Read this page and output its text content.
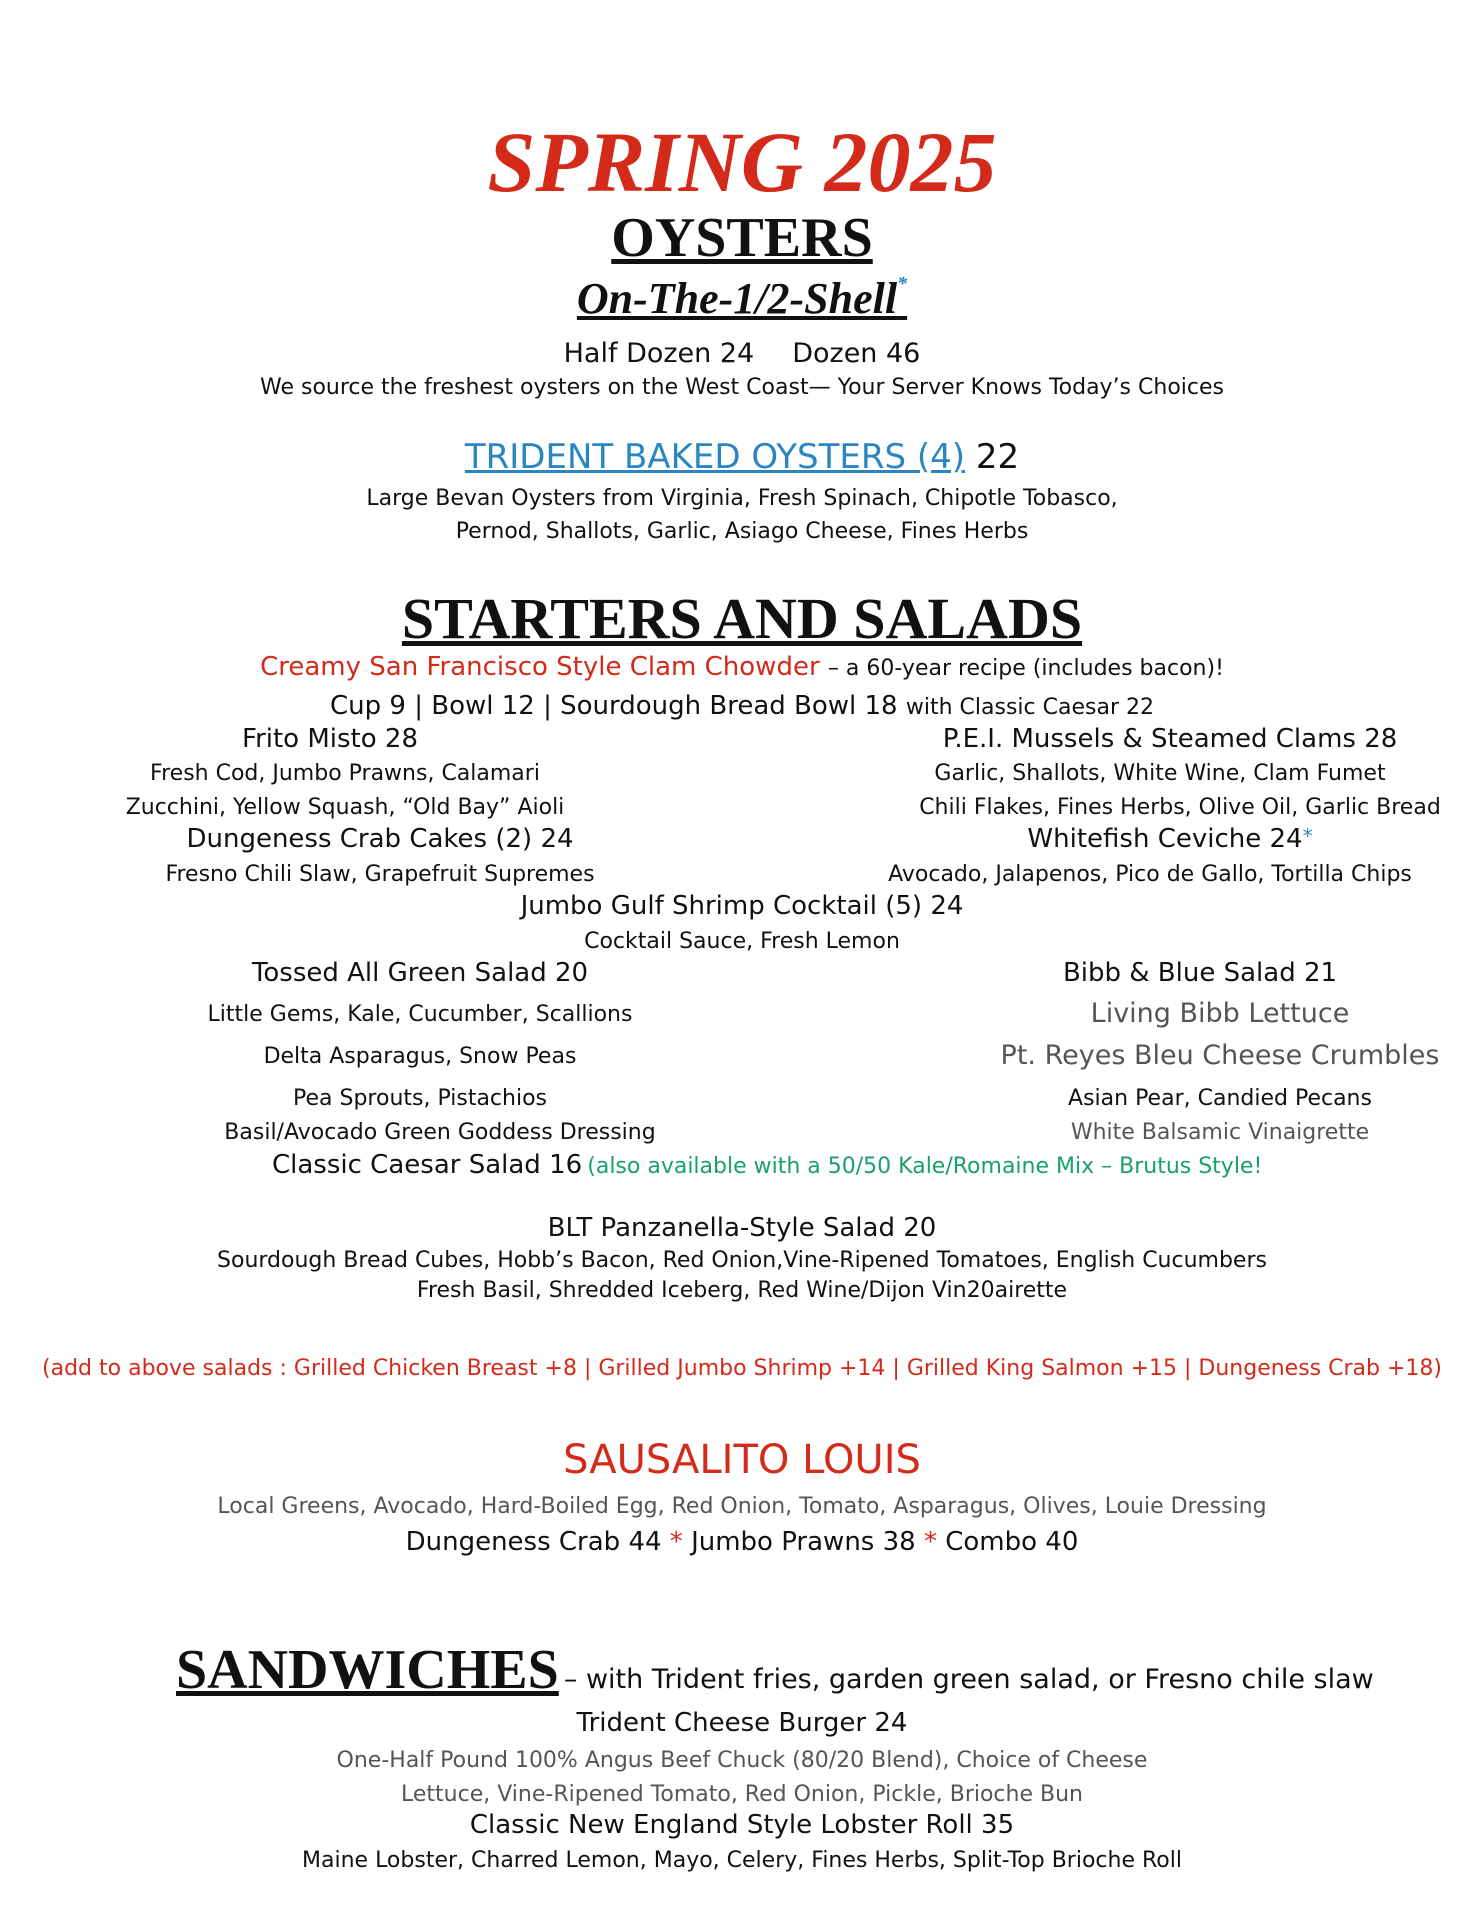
SPRING 2025
OYSTERS
On-The-1/2-Shell*
Half Dozen 24 Dozen 46
We source the freshest oysters on the West Coast— Your Server Knows Today’s Choices
TRIDENT BAKED OYSTERS (4) 22
Large Bevan Oysters from Virginia, Fresh Spinach, Chipotle Tobasco,
Pernod, Shallots, Garlic, Asiago Cheese, Fines Herbs
STARTERS AND SALADS
Creamy San Francisco Style Clam Chowder – a 60-year recipe (includes bacon)!
Cup 9 | Bowl 12 | Sourdough Bread Bowl 18 with Classic Caesar 22
Frito Misto 28
Fresh Cod, Jumbo Prawns, Calamari
Zucchini, Yellow Squash, “Old Bay” Aioli
P.E.I. Mussels & Steamed Clams 28
Garlic, Shallots, White Wine, Clam Fumet
Chili Flakes, Fines Herbs, Olive Oil, Garlic Bread
Dungeness Crab Cakes (2) 24
Fresno Chili Slaw, Grapefruit Supremes
Whitefish Ceviche 24*
Avocado, Jalapenos, Pico de Gallo, Tortilla Chips
Jumbo Gulf Shrimp Cocktail (5) 24
Cocktail Sauce, Fresh Lemon
Tossed All Green Salad 20
Little Gems, Kale, Cucumber, Scallions
Delta Asparagus, Snow Peas
Pea Sprouts, Pistachios
Basil/Avocado Green Goddess Dressing
Bibb & Blue Salad 21
Living Bibb Lettuce
Pt. Reyes Bleu Cheese Crumbles
Asian Pear, Candied Pecans
White Balsamic Vinaigrette
Classic Caesar Salad 16 (also available with a 50/50 Kale/Romaine Mix – Brutus Style!
BLT Panzanella-Style Salad 20
Sourdough Bread Cubes, Hobb’s Bacon, Red Onion,Vine-Ripened Tomatoes, English Cucumbers
Fresh Basil, Shredded Iceberg, Red Wine/Dijon Vin20airette
(add to above salads : Grilled Chicken Breast +8 | Grilled Jumbo Shrimp +14 | Grilled King Salmon +15 | Dungeness Crab +18)
SAUSALITO LOUIS
Local Greens, Avocado, Hard-Boiled Egg, Red Onion, Tomato, Asparagus, Olives, Louie Dressing
Dungeness Crab 44 * Jumbo Prawns 38 * Combo 40
SANDWICHES – with Trident fries, garden green salad, or Fresno chile slaw
Trident Cheese Burger 24
One-Half Pound 100% Angus Beef Chuck (80/20 Blend), Choice of Cheese
Lettuce, Vine-Ripened Tomato, Red Onion, Pickle, Brioche Bun
Classic New England Style Lobster Roll 35
Maine Lobster, Charred Lemon, Mayo, Celery, Fines Herbs, Split-Top Brioche Roll
